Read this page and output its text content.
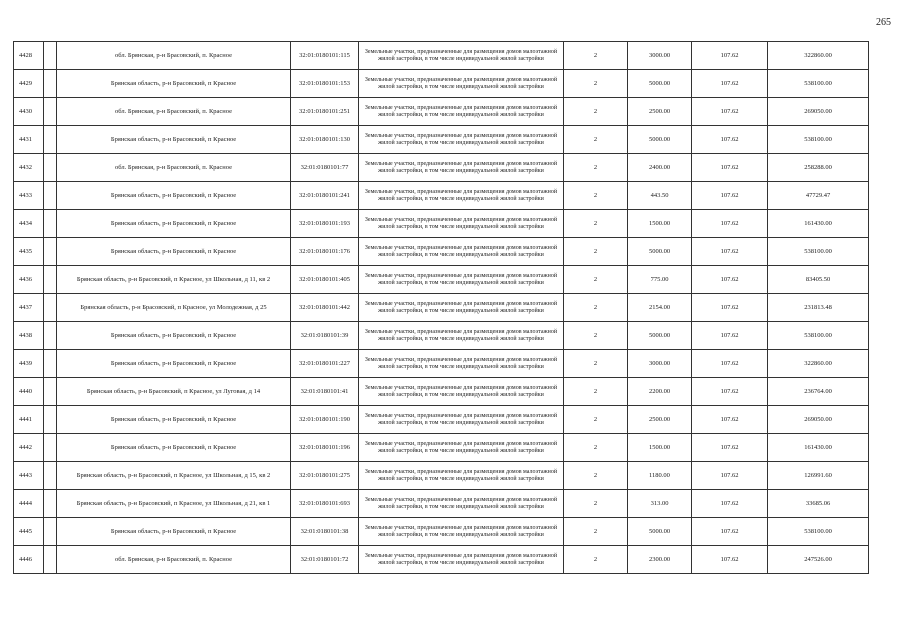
265
4428		обл. Брянская, р-н Брасовский, п. Красное	32:01:0180101:115	Земельные участки, предназначенные для размещения домов малоэтажной жилой застройки, в том числе индивидуальной жилой застройки	2	3000.00	107.62	322860.00
4429		Брянская область, р-н Брасовский, п Красное	32:01:0180101:153	Земельные участки, предназначенные для размещения домов малоэтажной жилой застройки, в том числе индивидуальной жилой застройки	2	5000.00	107.62	538100.00
4430		обл. Брянская, р-н Брасовский, п. Красное	32:01:0180101:251	Земельные участки, предназначенные для размещения домов малоэтажной жилой застройки, в том числе индивидуальной жилой застройки	2	2500.00	107.62	269050.00
4431		Брянская область, р-н Брасовский, п Красное	32:01:0180101:130	Земельные участки, предназначенные для размещения домов малоэтажной жилой застройки, в том числе индивидуальной жилой застройки	2	5000.00	107.62	538100.00
4432		обл. Брянская, р-н Брасовский, п. Красное	32:01:0180101:77	Земельные участки, предназначенные для размещения домов малоэтажной жилой застройки, в том числе индивидуальной жилой застройки	2	2400.00	107.62	258288.00
4433		Брянская область, р-н Брасовский, п Красное	32:01:0180101:241	Земельные участки, предназначенные для размещения домов малоэтажной жилой застройки, в том числе индивидуальной жилой застройки	2	443.50	107.62	47729.47
4434		Брянская область, р-н Брасовский, п Красное	32:01:0180101:193	Земельные участки, предназначенные для размещения домов малоэтажной жилой застройки, в том числе индивидуальной жилой застройки	2	1500.00	107.62	161430.00
4435		Брянская область, р-н Брасовский, п Красное	32:01:0180101:176	Земельные участки, предназначенные для размещения домов малоэтажной жилой застройки, в том числе индивидуальной жилой застройки	2	5000.00	107.62	538100.00
4436		Брянская область, р-н Брасовский, п Красное, ул Школьная, д 11, кв 2	32:01:0180101:405	Земельные участки, предназначенные для размещения домов малоэтажной жилой застройки, в том числе индивидуальной жилой застройки	2	775.00	107.62	83405.50
4437		Брянская область, р-н Брасовский, п Красное, ул Молодежная, д 25	32:01:0180101:442	Земельные участки, предназначенные для размещения домов малоэтажной жилой застройки, в том числе индивидуальной жилой застройки	2	2154.00	107.62	231813.48
4438		Брянская область, р-н Брасовский, п Красное	32:01:0180101:39	Земельные участки, предназначенные для размещения домов малоэтажной жилой застройки, в том числе индивидуальной жилой застройки	2	5000.00	107.62	538100.00
4439		Брянская область, р-н Брасовский, п Красное	32:01:0180101:227	Земельные участки, предназначенные для размещения домов малоэтажной жилой застройки, в том числе индивидуальной жилой застройки	2	3000.00	107.62	322860.00
4440		Брянская область, р-н Брасовский, п Красное, ул Луговая, д 14	32:01:0180101:41	Земельные участки, предназначенные для размещения домов малоэтажной жилой застройки, в том числе индивидуальной жилой застройки	2	2200.00	107.62	236764.00
4441		Брянская область, р-н Брасовский, п Красное	32:01:0180101:190	Земельные участки, предназначенные для размещения домов малоэтажной жилой застройки, в том числе индивидуальной жилой застройки	2	2500.00	107.62	269050.00
4442		Брянская область, р-н Брасовский, п Красное	32:01:0180101:196	Земельные участки, предназначенные для размещения домов малоэтажной жилой застройки, в том числе индивидуальной жилой застройки	2	1500.00	107.62	161430.00
4443		Брянская область, р-н Брасовский, п Красное, ул Школьная, д 15, кв 2	32:01:0180101:275	Земельные участки, предназначенные для размещения домов малоэтажной жилой застройки, в том числе индивидуальной жилой застройки	2	1180.00	107.62	126991.60
4444		Брянская область, р-н Брасовский, п Красное, ул Школьная, д 21, кв 1	32:01:0180101:693	Земельные участки, предназначенные для размещения домов малоэтажной жилой застройки, в том числе индивидуальной жилой застройки	2	313.00	107.62	33685.06
4445		Брянская область, р-н Брасовский, п Красное	32:01:0180101:38	Земельные участки, предназначенные для размещения домов малоэтажной жилой застройки, в том числе индивидуальной жилой застройки	2	5000.00	107.62	538100.00
4446		обл. Брянская, р-н Брасовский, п. Красное	32:01:0180101:72	Земельные участки, предназначенные для размещения домов малоэтажной жилой застройки, в том числе индивидуальной жилой застройки	2	2300.00	107.62	247526.00
